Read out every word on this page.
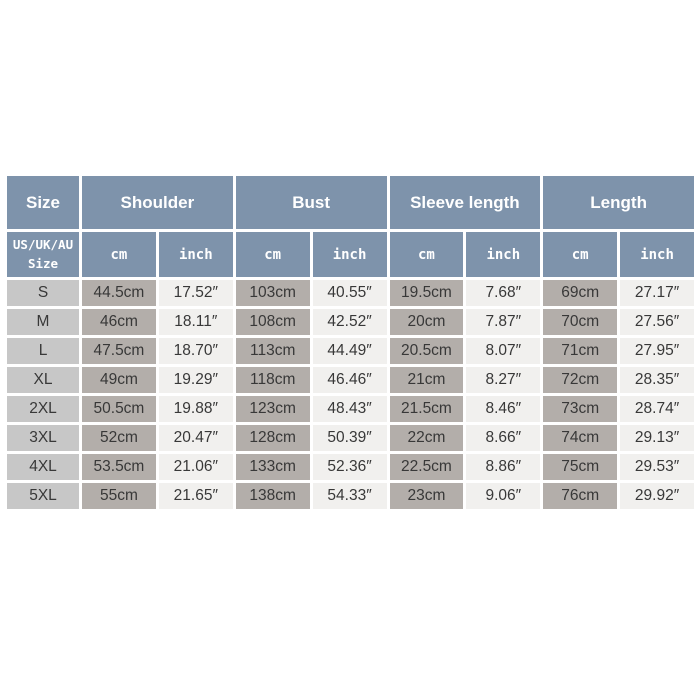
Size	Shoulder	Bust	Sleeve length	Length
US/UK/AU
Size
cm	inch	cm	inch	cm	inch	cm	inch
S	44.5cm	17.52″	103cm	40.55″	19.5cm	7.68″	69cm	27.17″
M	46cm	18.11″	108cm	42.52″	20cm	7.87″	70cm	27.56″
L	47.5cm	18.70″	113cm	44.49″	20.5cm	8.07″	71cm	27.95″
XL	49cm	19.29″	118cm	46.46″	21cm	8.27″	72cm	28.35″
2XL	50.5cm	19.88″	123cm	48.43″	21.5cm	8.46″	73cm	28.74″
3XL	52cm	20.47″	128cm	50.39″	22cm	8.66″	74cm	29.13″
4XL	53.5cm	21.06″	133cm	52.36″	22.5cm	8.86″	75cm	29.53″
5XL	55cm	21.65″	138cm	54.33″	23cm	9.06″	76cm	29.92″
